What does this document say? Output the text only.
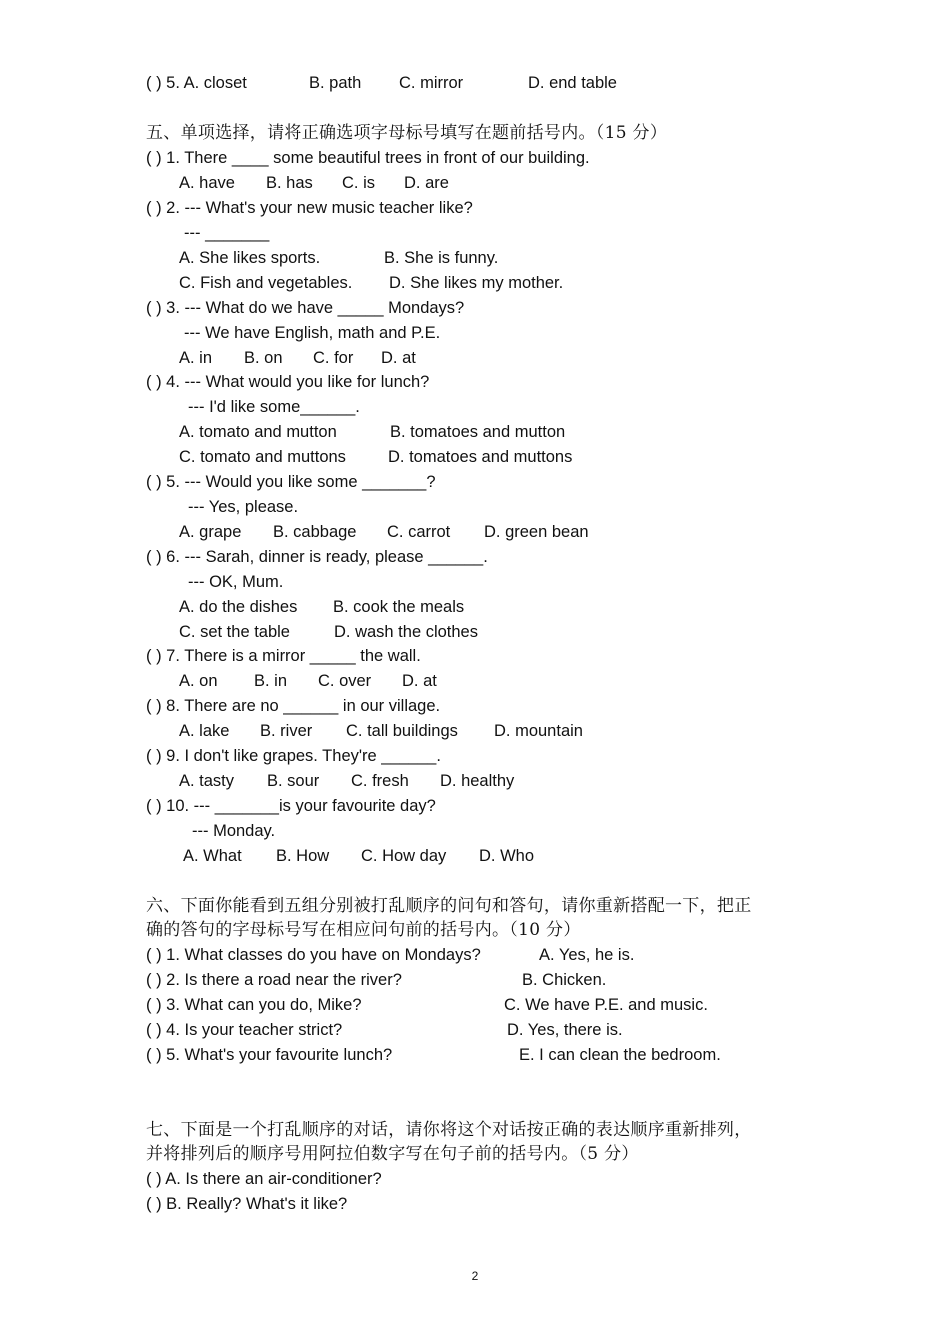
( ) 5. A. closet	B. path C. mirror	D. end table
五、单项选择，请将正确选项字母标号填写在题前括号内。（15 分）
( ) 1. There ____ some beautiful trees in front of our building.
A. have B. has C. is D. are
( ) 2. --- What's your new music teacher like?
--- _______
A. She likes sports.	B. She is funny.
C. Fish and vegetables. D. She likes my mother.
( ) 3. --- What do we have _____ Mondays?
--- We have English, math and P.E.
A. in B. on C. for D. at
( ) 4. --- What would you like for lunch?
--- I'd like some______.
A. tomato and mutton	B. tomatoes and mutton
C. tomato and muttons	D. tomatoes and muttons
( ) 5. --- Would you like some _______?
--- Yes, please.
A. grape B. cabbage C. carrot D. green bean
( ) 6. --- Sarah, dinner is ready, please ______.
--- OK, Mum.
A. do the dishes B. cook the meals
C. set the table	D. wash the clothes
( ) 7. There is a mirror _____ the wall.
A. on B. in C. over D. at
( ) 8. There are no ______ in our village.
A. lake B. river C. tall buildings D. mountain
( ) 9. I don't like grapes. They're ______.
A. tasty B. sour C. fresh D. healthy
( ) 10. --- _______is your favourite day?
--- Monday.
A. What B. How C. How day D. Who
六、下面你能看到五组分别被打乱顺序的问句和答句，请你重新搭配一下，把正
确的答句的字母标号写在相应问句前的括号内。（10 分）
( ) 1. What classes do you have on Mondays?	A. Yes, he is.
( ) 2. Is there a road near the river?	B. Chicken.
( ) 3. What can you do, Mike?	C. We have P.E. and music.
( ) 4. Is your teacher strict?	D. Yes, there is.
( ) 5. What's your favourite lunch?	E. I can clean the bedroom.
七、下面是一个打乱顺序的对话，请你将这个对话按正确的表达顺序重新排列，
并将排列后的顺序号用阿拉伯数字写在句子前的括号内。（5 分）
( ) A. Is there an air-conditioner?
( ) B. Really? What's it like?
2
